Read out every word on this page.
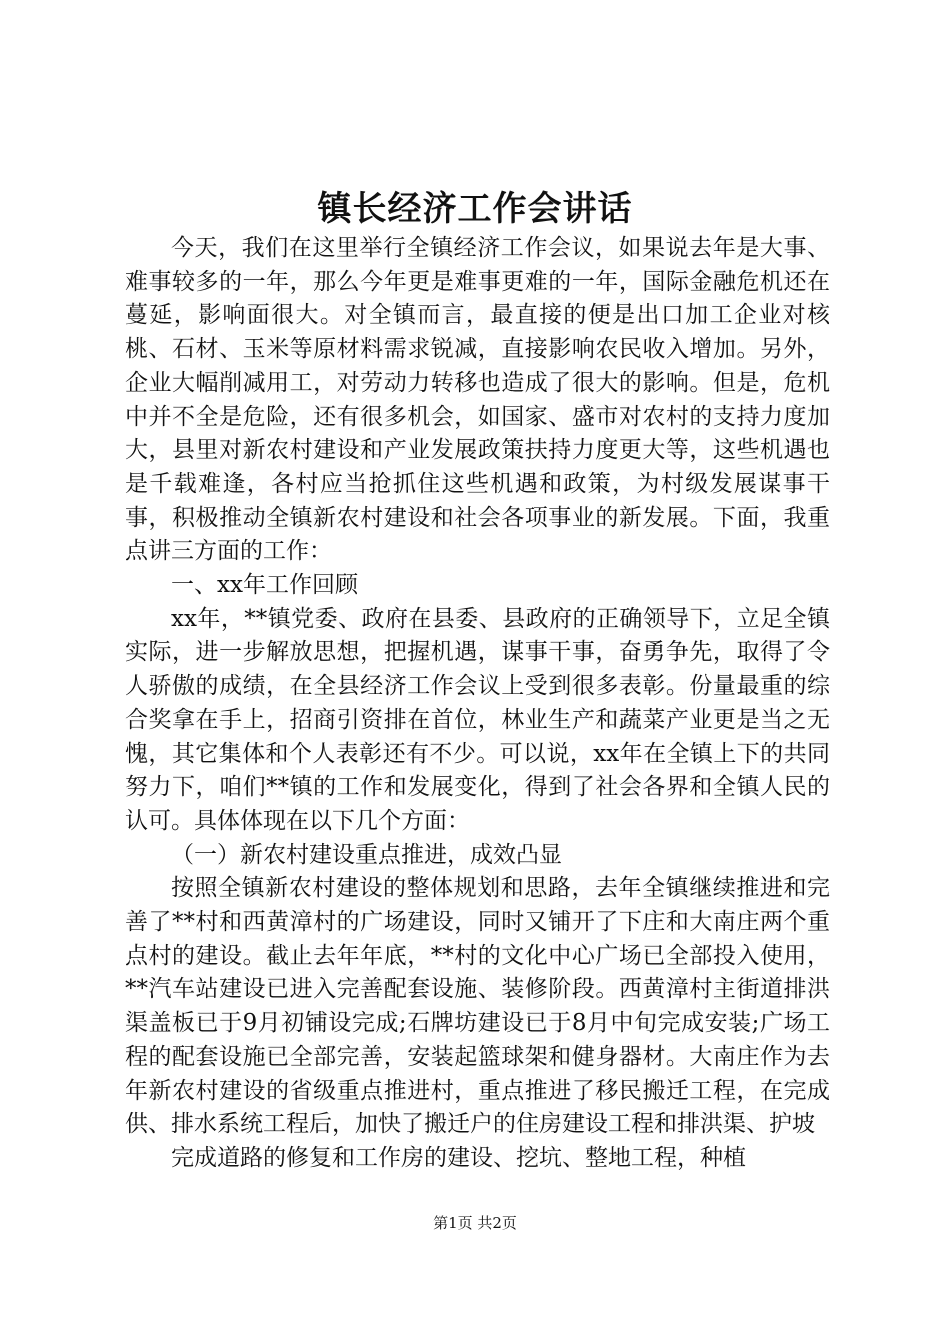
镇长经济工作会讲话

今天，我们在这里举行全镇经济工作会议，如果说去年是大事、难事较多的一年，那么今年更是难事更难的一年，国际金融危机还在蔓延，影响面很大。对全镇而言，最直接的便是出口加工企业对核桃、石材、玉米等原材料需求锐减，直接影响农民收入增加。另外，企业大幅削减用工，对劳动力转移也造成了很大的影响。但是，危机中并不全是危险，还有很多机会，如国家、盛市对农村的支持力度加大，县里对新农村建设和产业发展政策扶持力度更大等，这些机遇也是千载难逢，各村应当抢抓住这些机遇和政策，为村级发展谋事干事，积极推动全镇新农村建设和社会各项事业的新发展。下面，我重点讲三方面的工作：

一、xx年工作回顾

xx年，**镇党委、政府在县委、县政府的正确领导下，立足全镇实际，进一步解放思想，把握机遇，谋事干事，奋勇争先，取得了令人骄傲的成绩，在全县经济工作会议上受到很多表彰。份量最重的综合奖拿在手上，招商引资排在首位，林业生产和蔬菜产业更是当之无愧，其它集体和个人表彰还有不少。可以说，xx年在全镇上下的共同努力下，咱们**镇的工作和发展变化，得到了社会各界和全镇人民的认可。具体体现在以下几个方面：

（一）新农村建设重点推进，成效凸显

按照全镇新农村建设的整体规划和思路，去年全镇继续推进和完善了**村和西黄漳村的广场建设，同时又铺开了下庄和大南庄两个重点村的建设。截止去年年底，**村的文化中心广场已全部投入使用，**汽车站建设已进入完善配套设施、装修阶段。西黄漳村主街道排洪渠盖板已于9月初铺设完成;石牌坊建设已于8月中旬完成安装;广场工程的配套设施已全部完善，安装起篮球架和健身器材。大南庄作为去年新农村建设的省级重点推进村，重点推进了移民搬迁工程，在完成供、排水系统工程后，加快了搬迁户的住房建设工程和排洪渠、护坡

完成道路的修复和工作房的建设、挖坑、整地工程，种植

第1页 共2页
